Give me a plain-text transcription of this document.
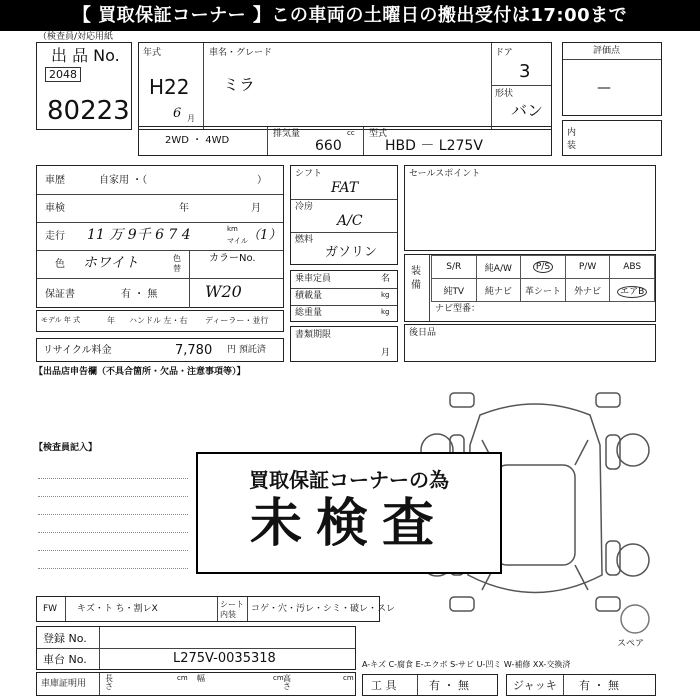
【 買取保証コーナー 】この車両の土曜日の搬出受付は17:00まで
（検查員/対応用紙
出 品 No.
2048
80223
年式
H22
6 月
車名・グレード
ミラ
ドア
3
形状
バン
評価点
—
内装
2WD ・ 4WD
排気量	cc
660
型式
HBD － L275V
車歴	自家用 ・（	）
車検	年	月
走行 11 万 9千 6 7 4	km
マイル （1）
色 ホワイト	色替
カラーNo.
W20
保証書	有 ・ 無
モデル 年 式	年 ハンドル 左・右 ディーラー・並行
リサイクル料金	7,780 円 預託済
シフト
FAT
冷房
A/C
燃料
ガソリン
乗車定員	名
積載量	kg
総重量	kg
書類期限
月
セールスポイント
装備
S/R	純A/W	P/S	P/W	ABS
純TV	純ナビ	革シート	外ナビ	エアB
ナビ型番：
後日品
【出品店申告欄（不具合箇所・欠品・注意事項等）】
【検査員記入】
スペア
買取保証コーナーの為
未検査
FW キズ・ト ち・割レX	シート内装
コゲ・穴・汚レ・シミ・破レ・スレ
登録 No.
車台 No.	L275V-0035318
車庫証明用
長さ
cm 幅	cm 高さ
cm
A-キズ C-腐食 E-エクボ S-サビ U-凹ミ W-補修 XX-交換済
工 具	有 ・ 無	ジャッキ 有 ・ 無
